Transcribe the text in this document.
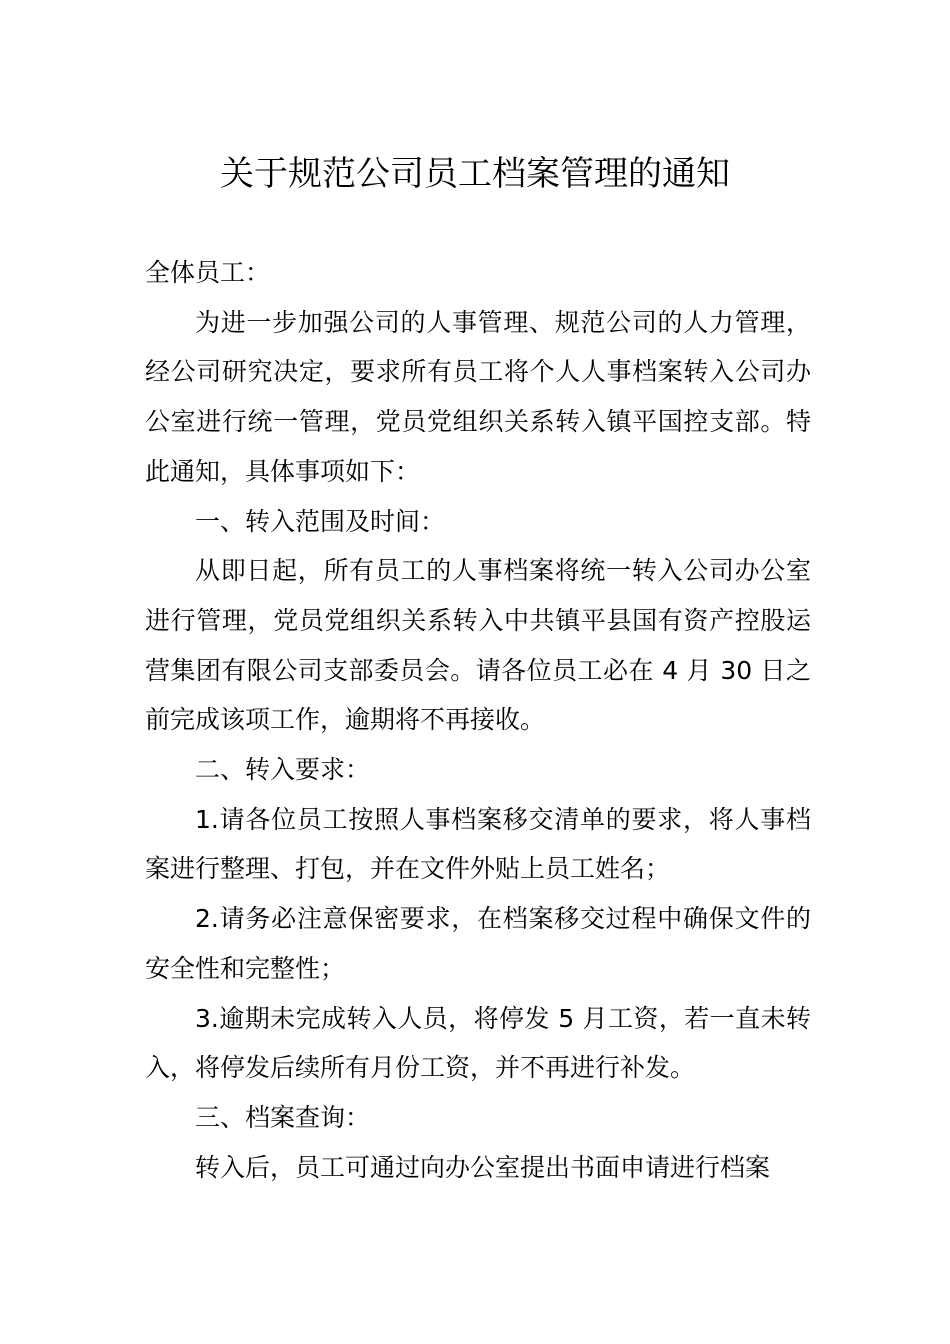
关于规范公司员工档案管理的通知

全体员工：

为进一步加强公司的人事管理、规范公司的人力管理，经公司研究决定，要求所有员工将个人人事档案转入公司办公室进行统一管理，党员党组织关系转入镇平国控支部。特此通知，具体事项如下：

一、转入范围及时间：

从即日起，所有员工的人事档案将统一转入公司办公室进行管理，党员党组织关系转入中共镇平县国有资产控股运营集团有限公司支部委员会。请各位员工必在 4 月 30 日之前完成该项工作，逾期将不再接收。

二、转入要求：

1.请各位员工按照人事档案移交清单的要求，将人事档案进行整理、打包，并在文件外贴上员工姓名；

2.请务必注意保密要求，在档案移交过程中确保文件的安全性和完整性；

3.逾期未完成转入人员，将停发 5 月工资，若一直未转入，将停发后续所有月份工资，并不再进行补发。

三、档案查询：

转入后，员工可通过向办公室提出书面申请进行档案
